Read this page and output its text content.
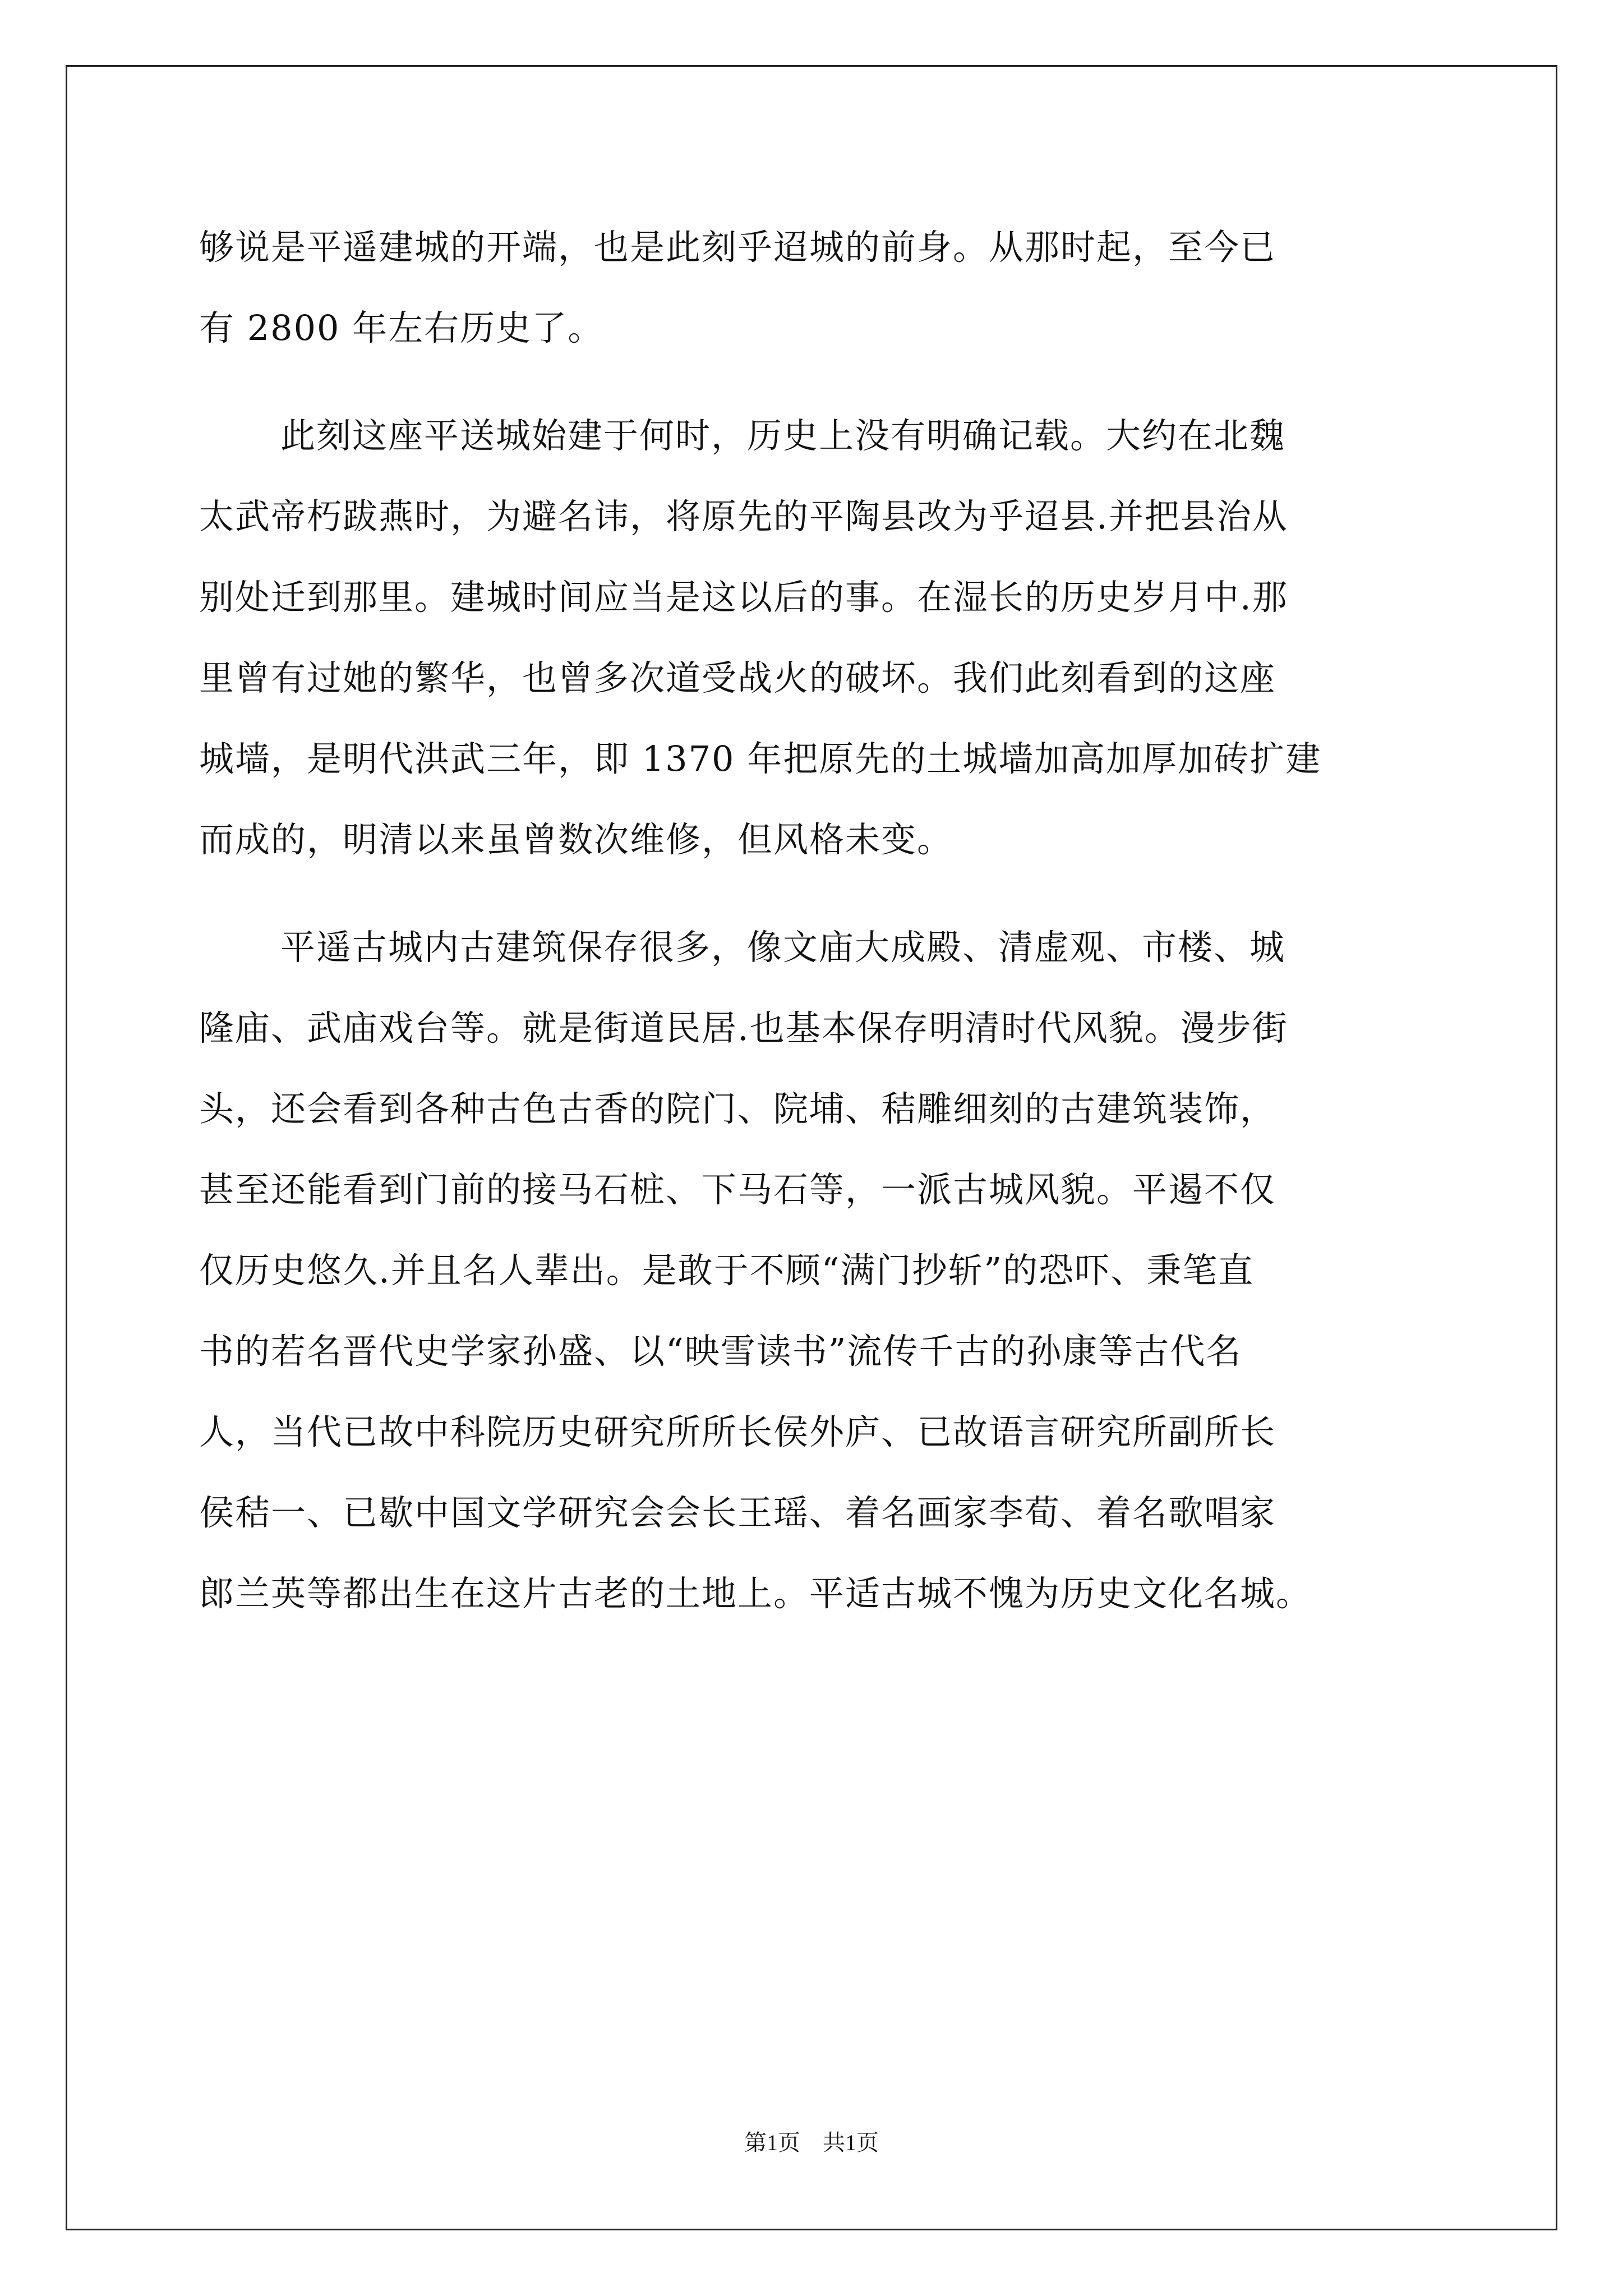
够说是平遥建城的开端，也是此刻乎迢城的前身。从那时起，至今已
有 2800 年左右历史了。
此刻这座平送城始建于何时，历史上没有明确记载。大约在北魏
太武帝朽跋燕时，为避名讳，将原先的平陶县改为乎迢县.并把县治从
别处迁到那里。建城时间应当是这以后的事。在湿长的历史岁月中.那
里曾有过她的繁华，也曾多次道受战火的破坏。我们此刻看到的这座
城墙，是明代洪武三年，即 1370 年把原先的土城墙加高加厚加砖扩建
而成的，明清以来虽曾数次维修，但风格未变。
平遥古城内古建筑保存很多，像文庙大成殿、清虚观、市楼、城
隆庙、武庙戏台等。就是街道民居.也基本保存明清时代风貌。漫步街
头，还会看到各种古色古香的院门、院埔、秸雕细刻的古建筑装饰，
甚至还能看到门前的接马石桩、下马石等，一派古城风貌。平遏不仅
仅历史悠久.并且名人辈出。是敢于不顾“满门抄斩”的恐吓、秉笔直
书的若名晋代史学家孙盛、以“映雪读书”流传千古的孙康等古代名
人，当代已故中科院历史研究所所长侯外庐、已故语言研究所副所长
侯秸一、已歇中国文学研究会会长王瑶、着名画家李荀、着名歌唱家
郎兰英等都出生在这片古老的土地上。平适古城不愧为历史文化名城。
第1页　共1页
